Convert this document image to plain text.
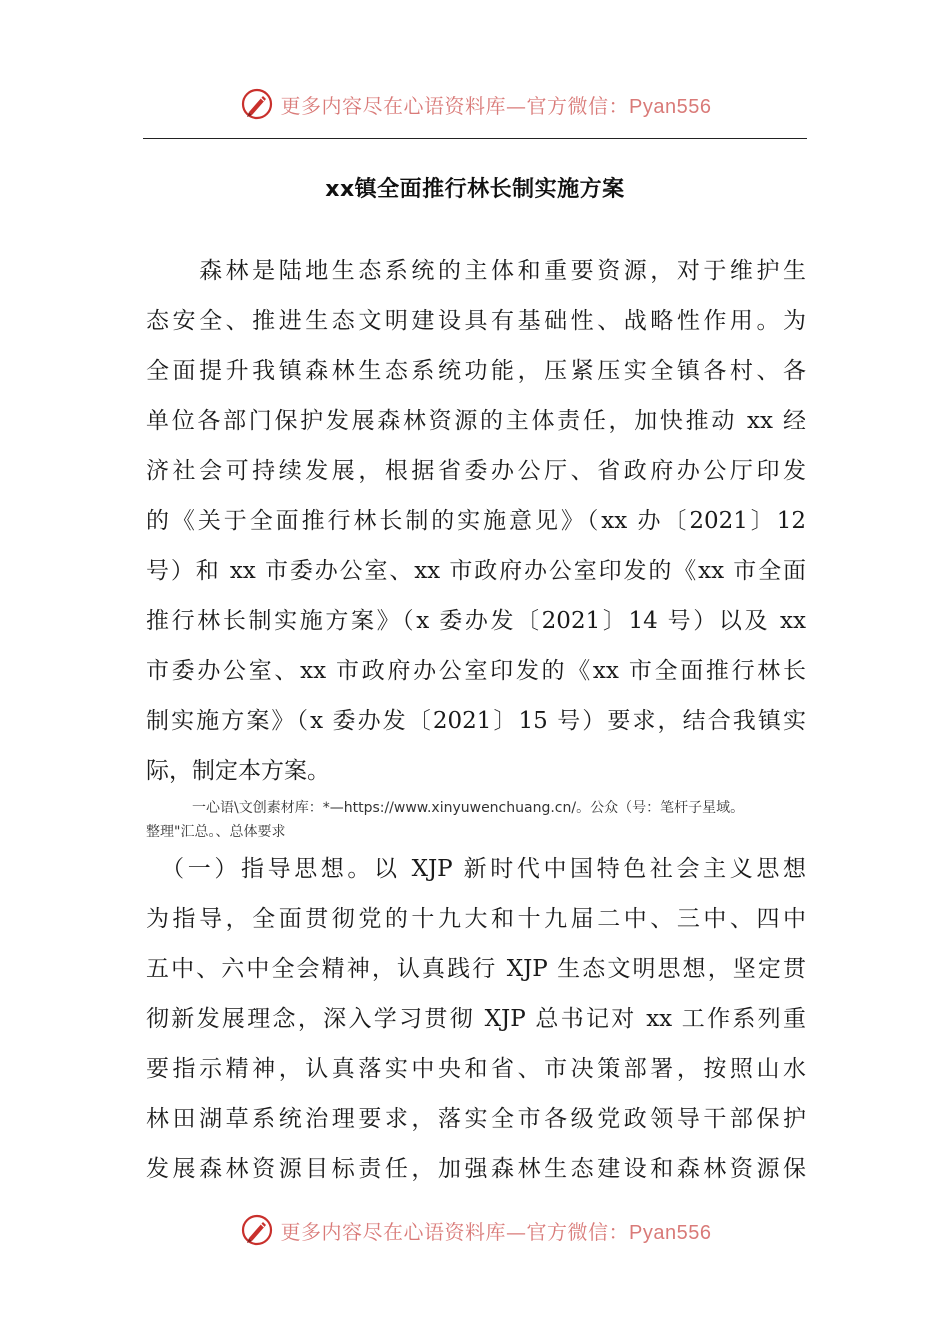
更多内容尽在心语资料库—官方微信：Pyan556
xx镇全面推行林长制实施方案
　　森林是陆地生态系统的主体和重要资源，对于维护生
态安全、推进生态文明建设具有基础性、战略性作用。为
全面提升我镇森林生态系统功能，压紧压实全镇各村、各
单位各部门保护发展森林资源的主体责任，加快推动 xx 经
济社会可持续发展，根据省委办公厅、省政府办公厅印发
的《关于全面推行林长制的实施意见》（xx 办〔2021〕12
号）和 xx 市委办公室、xx 市政府办公室印发的《xx 市全面
推行林长制实施方案》（x 委办发〔2021〕14 号）以及 xx
市委办公室、xx 市政府办公室印发的《xx 市全面推行林长
制实施方案》（x 委办发〔2021〕15 号）要求，结合我镇实
际，制定本方案。
一心语\文创素材库：*—https://www.xinyuwenchuang.cn/。公众（号：笔杆子星域。
整理"汇总。、总体要求
　（一）指导思想。以 XJP 新时代中国特色社会主义思想
为指导，全面贯彻党的十九大和十九届二中、三中、四中
五中、六中全会精神，认真践行 XJP 生态文明思想，坚定贯
彻新发展理念，深入学习贯彻 XJP 总书记对 xx 工作系列重
要指示精神，认真落实中央和省、市决策部署，按照山水
林田湖草系统治理要求，落实全市各级党政领导干部保护
发展森林资源目标责任，加强森林生态建设和森林资源保
更多内容尽在心语资料库—官方微信：Pyan556
